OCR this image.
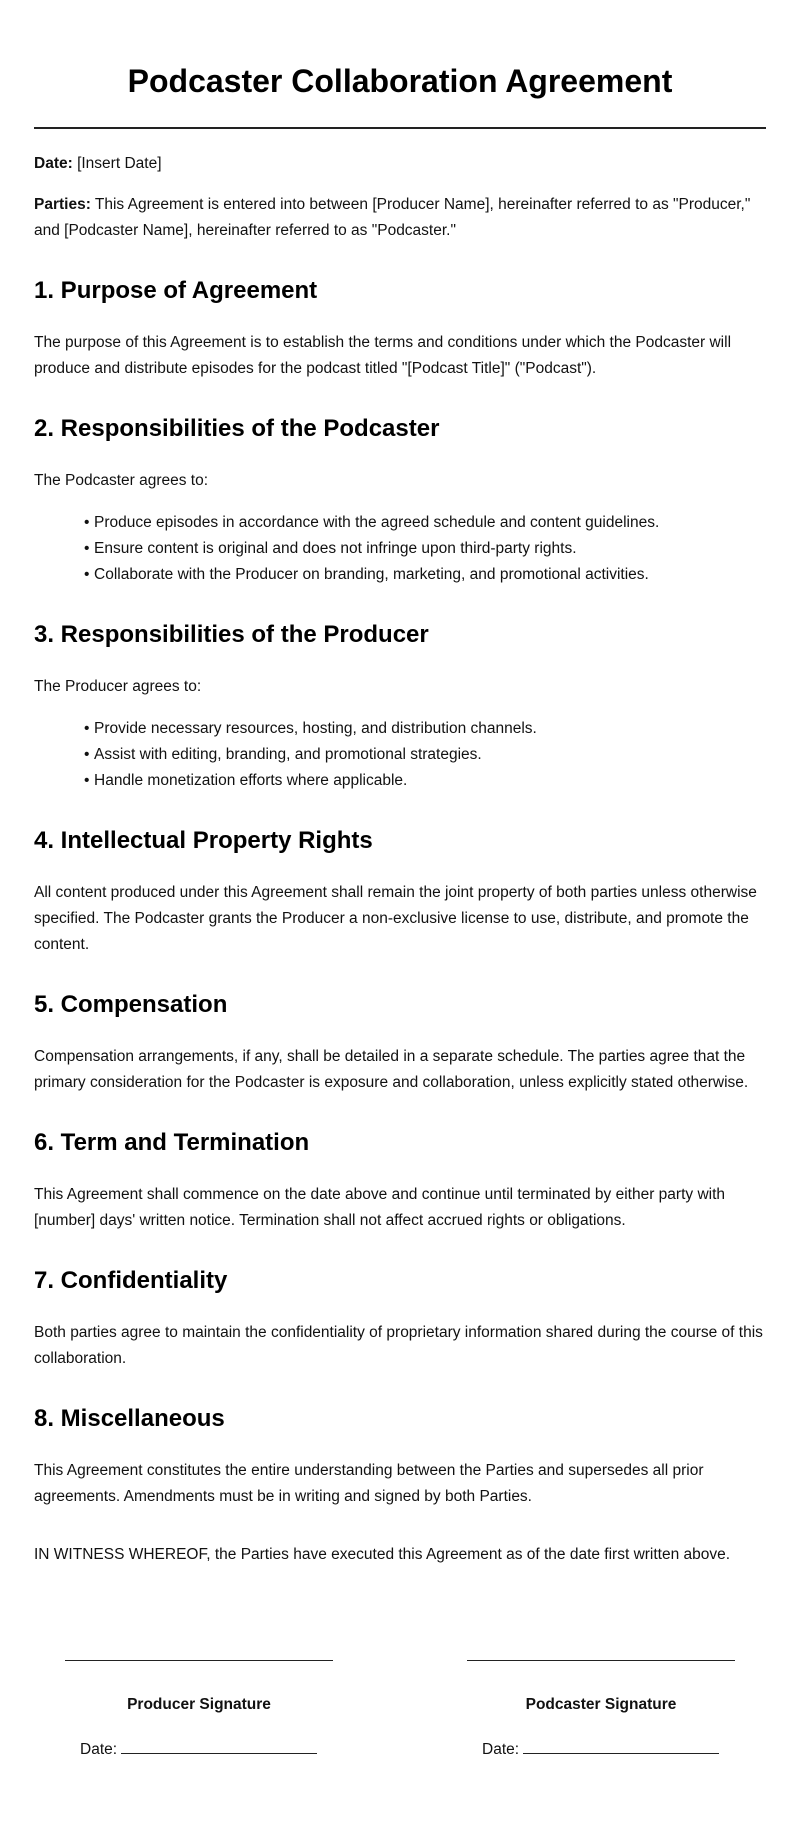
Podcaster Collaboration Agreement

Date: [Insert Date]

Parties: This Agreement is entered into between [Producer Name], hereinafter referred to as "Producer," and [Podcaster Name], hereinafter referred to as "Podcaster."

1. Purpose of Agreement

The purpose of this Agreement is to establish the terms and conditions under which the Podcaster will produce and distribute episodes for the podcast titled "[Podcast Title]" ("Podcast").

2. Responsibilities of the Podcaster

The Podcaster agrees to:

• Produce episodes in accordance with the agreed schedule and content guidelines.
• Ensure content is original and does not infringe upon third-party rights.
• Collaborate with the Producer on branding, marketing, and promotional activities.
3. Responsibilities of the Producer

The Producer agrees to:

• Provide necessary resources, hosting, and distribution channels.
• Assist with editing, branding, and promotional strategies.
• Handle monetization efforts where applicable.
4. Intellectual Property Rights

All content produced under this Agreement shall remain the joint property of both parties unless otherwise specified. The Podcaster grants the Producer a non-exclusive license to use, distribute, and promote the content.

5. Compensation

Compensation arrangements, if any, shall be detailed in a separate schedule. The parties agree that the primary consideration for the Podcaster is exposure and collaboration, unless explicitly stated otherwise.

6. Term and Termination

This Agreement shall commence on the date above and continue until terminated by either party with [number] days' written notice. Termination shall not affect accrued rights or obligations.

7. Confidentiality

Both parties agree to maintain the confidentiality of proprietary information shared during the course of this collaboration.

8. Miscellaneous

This Agreement constitutes the entire understanding between the Parties and supersedes all prior agreements. Amendments must be in writing and signed by both Parties.

IN WITNESS WHEREOF, the Parties have executed this Agreement as of the date first written above.

Producer Signature
Date:
Podcaster Signature
Date:
